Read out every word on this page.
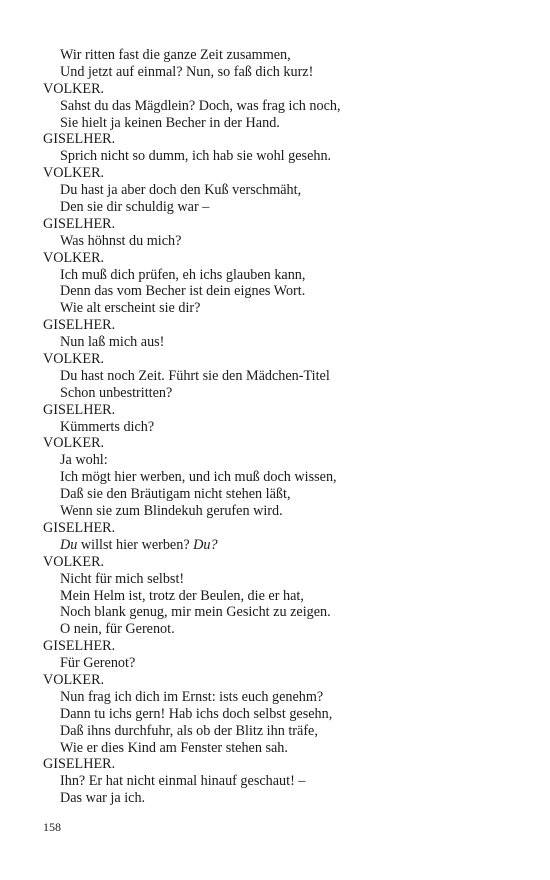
Wir ritten fast die ganze Zeit zusammen,
Und jetzt auf einmal? Nun, so faß dich kurz!
VOLKER.
Sahst du das Mägdlein? Doch, was frag ich noch,
Sie hielt ja keinen Becher in der Hand.
GISELHER.
Sprich nicht so dumm, ich hab sie wohl gesehn.
VOLKER.
Du hast ja aber doch den Kuß verschmäht,
Den sie dir schuldig war –
GISELHER.
Was höhnst du mich?
VOLKER.
Ich muß dich prüfen, eh ichs glauben kann,
Denn das vom Becher ist dein eignes Wort.
Wie alt erscheint sie dir?
GISELHER.
Nun laß mich aus!
VOLKER.
Du hast noch Zeit. Führt sie den Mädchen-Titel
Schon unbestritten?
GISELHER.
Kümmerts dich?
VOLKER.
Ja wohl:
Ich mögt hier werben, und ich muß doch wissen,
Daß sie den Bräutigam nicht stehen läßt,
Wenn sie zum Blindekuh gerufen wird.
GISELHER.
Du willst hier werben? Du?
VOLKER.
Nicht für mich selbst!
Mein Helm ist, trotz der Beulen, die er hat,
Noch blank genug, mir mein Gesicht zu zeigen.
O nein, für Gerenot.
GISELHER.
Für Gerenot?
VOLKER.
Nun frag ich dich im Ernst: ists euch genehm?
Dann tu ichs gern! Hab ichs doch selbst gesehn,
Daß ihns durchfuhr, als ob der Blitz ihn träfe,
Wie er dies Kind am Fenster stehen sah.
GISELHER.
Ihn? Er hat nicht einmal hinauf geschaut! –
Das war ja ich.
158
